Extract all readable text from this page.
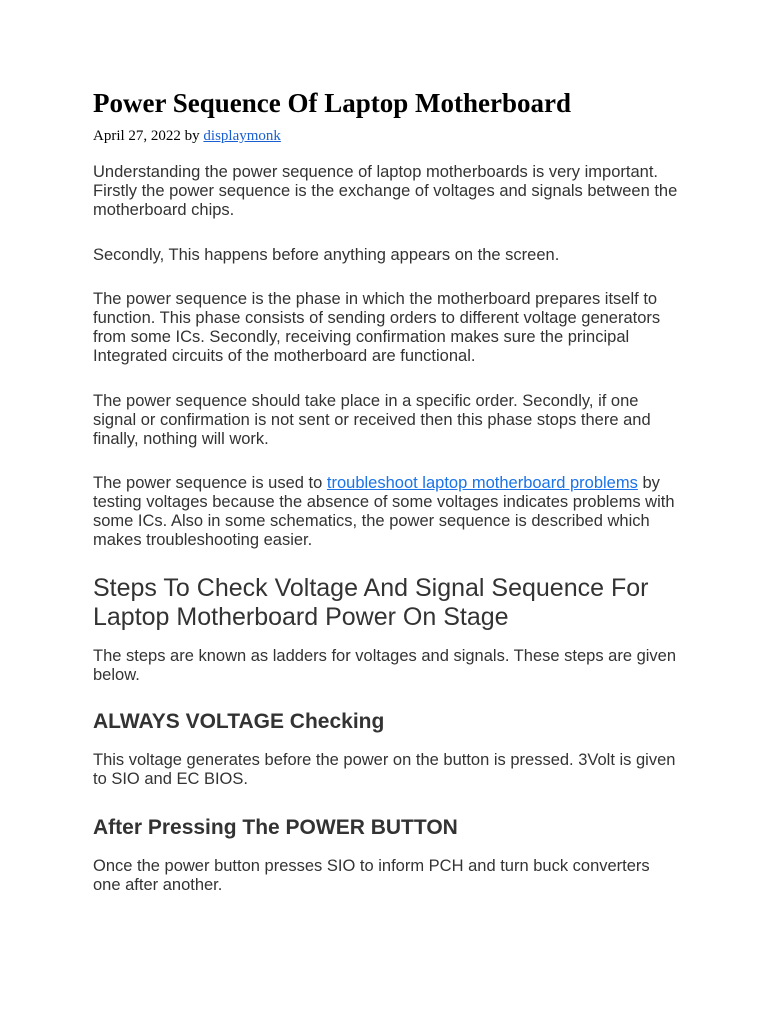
Power Sequence Of Laptop Motherboard

April 27, 2022 by displaymonk

Understanding the power sequence of laptop motherboards is very important. Firstly the power sequence is the exchange of voltages and signals between the motherboard chips.

Secondly, This happens before anything appears on the screen.

The power sequence is the phase in which the motherboard prepares itself to function. This phase consists of sending orders to different voltage generators from some ICs. Secondly, receiving confirmation makes sure the principal Integrated circuits of the motherboard are functional.

The power sequence should take place in a specific order. Secondly, if one signal or confirmation is not sent or received then this phase stops there and finally, nothing will work.

The power sequence is used to troubleshoot laptop motherboard problems by testing voltages because the absence of some voltages indicates problems with some ICs. Also in some schematics, the power sequence is described which makes troubleshooting easier.

Steps To Check Voltage And Signal Sequence For Laptop Motherboard Power On Stage

The steps are known as ladders for voltages and signals. These steps are given below.

ALWAYS VOLTAGE Checking

This voltage generates before the power on the button is pressed. 3Volt is given to SIO and EC BIOS.

After Pressing The POWER BUTTON

Once the power button presses SIO to inform PCH and turn buck converters one after another.
